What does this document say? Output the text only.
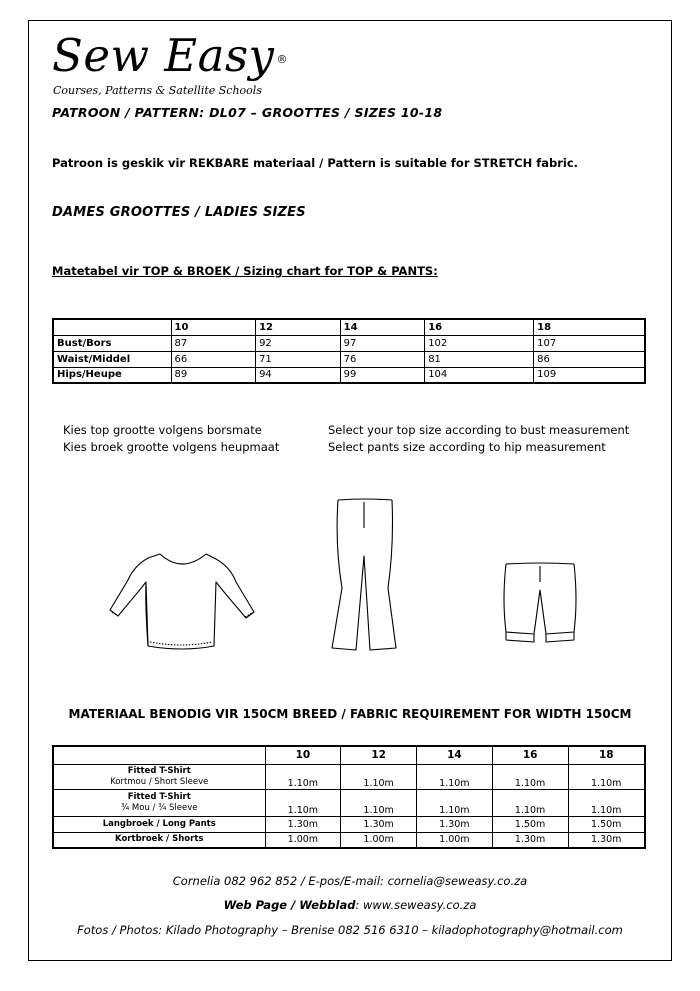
Sew Easy ®
Courses, Patterns & Satellite Schools
PATROON / PATTERN: DL07 – GROOTTES / SIZES 10-18
Patroon is geskik vir REKBARE materiaal / Pattern is suitable for STRETCH fabric.
DAMES GROOTTES / LADIES SIZES
Matetabel vir TOP & BROEK / Sizing chart for TOP & PANTS:
	10	12	14	16	18
Bust/Bors	87	92	97	102	107
Waist/Middel	66	71	76	81	86
Hips/Heupe	89	94	99	104	109
Kies top grootte volgens borsmate
Kies broek grootte volgens heupmaat
Select your top size according to bust measurement
Select pants size according to hip measurement
MATERIAAL BENODIG VIR 150CM BREED / FABRIC REQUIREMENT FOR WIDTH 150CM
	10	12	14	16	18

Fitted T-Shirt
Kortmou / Short Sleeve	1.10m	1.10m	1.10m	1.10m	1.10m

Fitted T-Shirt
¾ Mou / ¾ Sleeve	1.10m	1.10m	1.10m	1.10m	1.10m
Langbroek / Long Pants	1.30m	1.30m	1.30m	1.50m	1.50m
Kortbroek / Shorts	1.00m	1.00m	1.00m	1.30m	1.30m
Cornelia 082 962 852 / E-pos/E-mail: cornelia@seweasy.co.za
Web Page / Webblad: www.seweasy.co.za
Fotos / Photos: Kilado Photography – Brenise 082 516 6310 – kiladophotography@hotmail.com
